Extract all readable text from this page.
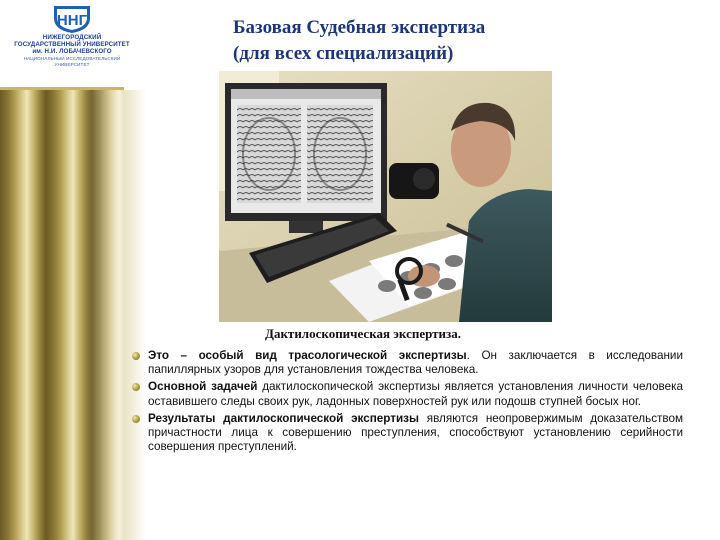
ННГ
НИЖЕГОРОДСКИЙ
ГОСУДАРСТВЕННЫЙ УНИВЕРСИТЕТ
им. Н.И. ЛОБАЧЕВСКОГО
НАЦИОНАЛЬНЫЙ ИССЛЕДОВАТЕЛЬСКИЙ
УНИВЕРСИТЕТ
Базовая Судебная экспертиза
(для всех специализаций)
Дактилоскопическая экспертиза.
Это – особый вид трасологической экспертизы. Он заключается в исследовании папиллярных узоров для установления тождества человека.
Основной задачей дактилоскопической экспертизы является установления личности человека оставившего следы своих рук, ладонных поверхностей рук или подошв ступней босых ног.
Результаты дактилоскопической экспертизы являются неопровержимым доказательством причастности лица к совершению преступления, способствуют установлению серийности совершения преступлений.
